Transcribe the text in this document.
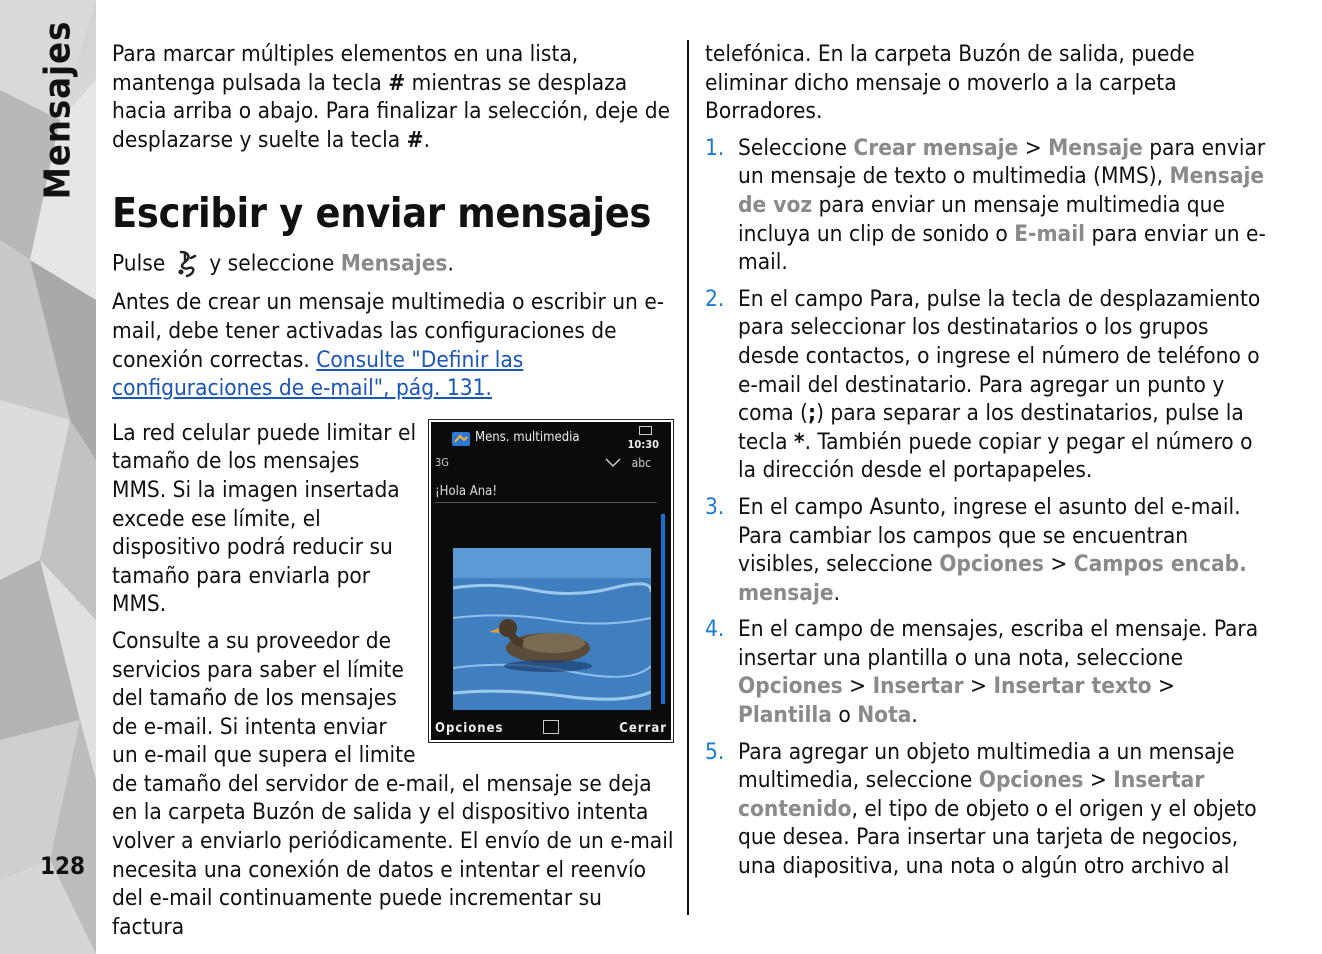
Mensajes
128

Para marcar múltiples elementos en una lista, mantenga pulsada la tecla # mientras se desplaza hacia arriba o abajo. Para finalizar la selección, deje de desplazarse y suelte la tecla #.

Escribir y enviar mensajes

Pulse y seleccione Mensajes.

Antes de crear un mensaje multimedia o escribir un e-mail, debe tener activadas las configuraciones de conexión correctas. Consulte "Definir las configuraciones de e-mail", pág. 131.

Mens. multimedia	10:30
3G	abc
¡Hola Ana!
Opciones	Cerrar

La red celular puede limitar el tamaño de los mensajes MMS. Si la imagen insertada excede ese límite, el dispositivo podrá reducir su tamaño para enviarla por MMS.

Consulte a su proveedor de servicios para saber el límite del tamaño de los mensajes de e-mail. Si intenta enviar un e-mail que supera el limite de tamaño del servidor de e-mail, el mensaje se deja en la carpeta Buzón de salida y el dispositivo intenta volver a enviarlo periódicamente. El envío de un e-mail necesita una conexión de datos e intentar el reenvío del e-mail continuamente puede incrementar su factura

telefónica. En la carpeta Buzón de salida, puede eliminar dicho mensaje o moverlo a la carpeta Borradores.

1. Seleccione Crear mensaje > Mensaje para enviar un mensaje de texto o multimedia (MMS), Mensaje de voz para enviar un mensaje multimedia que incluya un clip de sonido o E-mail para enviar un e-mail.
2. En el campo Para, pulse la tecla de desplazamiento para seleccionar los destinatarios o los grupos desde contactos, o ingrese el número de teléfono o e-mail del destinatario. Para agregar un punto y coma (;) para separar a los destinatarios, pulse la tecla *. También puede copiar y pegar el número o la dirección desde el portapapeles.
3. En el campo Asunto, ingrese el asunto del e-mail. Para cambiar los campos que se encuentran visibles, seleccione Opciones > Campos encab. mensaje.
4. En el campo de mensajes, escriba el mensaje. Para insertar una plantilla o una nota, seleccione Opciones > Insertar > Insertar texto > Plantilla o Nota.
5. Para agregar un objeto multimedia a un mensaje multimedia, seleccione Opciones > Insertar contenido, el tipo de objeto o el origen y el objeto que desea. Para insertar una tarjeta de negocios, una diapositiva, una nota o algún otro archivo al
